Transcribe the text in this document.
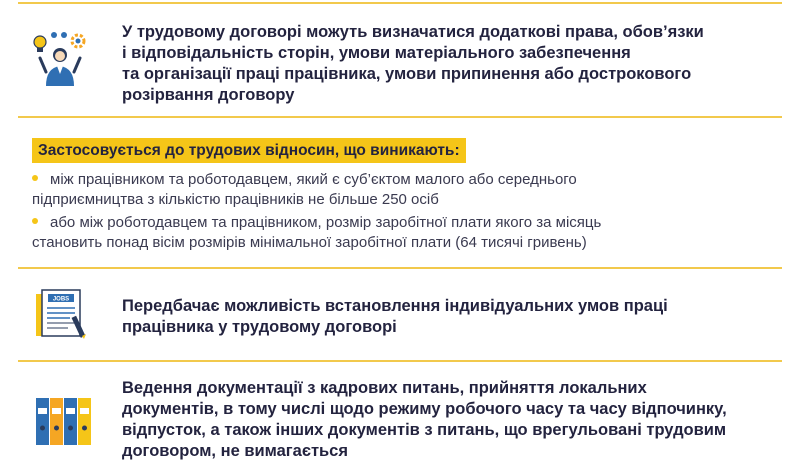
У трудовому договорі можуть визначатися додаткові права, обов’язки
і відповідальність сторін, умови матеріального забезпечення
та організації праці працівника, умови припинення або дострокового
розірвання договору
Застосовується до трудових відносин, що виникають:
між працівником та роботодавцем, який є суб’єктом малого або середнього
підприємництва з кількістю працівників не більше 250 осіб
або між роботодавцем та працівником, розмір заробітної плати якого за місяць
становить понад вісім розмірів мінімальної заробітної плати (64 тисячі гривень)
JOBS	Передбачає можливість встановлення індивідуальних умов праці
працівника у трудовому договорі
Ведення документації з кадрових питань, прийняття локальних
документів, в тому числі щодо режиму робочого часу та часу відпочинку,
відпусток, а також інших документів з питань, що врегульовані трудовим
договором, не вимагається
